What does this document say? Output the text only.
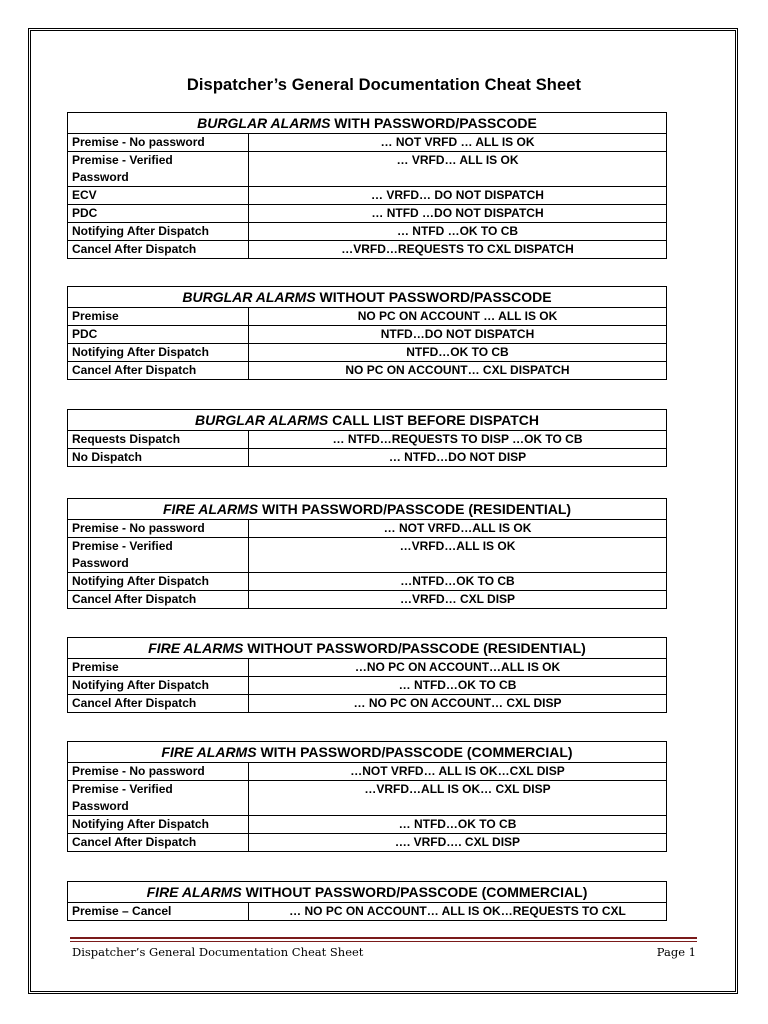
Dispatcher’s General Documentation Cheat Sheet
BURGLAR ALARMS WITH PASSWORD/PASSCODE	
Premise - No password	… NOT VRFD … ALL IS OK
Premise - Verified
Password	… VRFD… ALL IS OK
ECV	… VRFD… DO NOT DISPATCH
PDC	… NTFD …DO NOT DISPATCH
Notifying After Dispatch	… NTFD …OK TO CB
Cancel After Dispatch	…VRFD…REQUESTS TO CXL DISPATCH
BURGLAR ALARMS WITHOUT PASSWORD/PASSCODE	
Premise	NO PC ON ACCOUNT … ALL IS OK
PDC	NTFD…DO NOT DISPATCH
Notifying After Dispatch	NTFD…OK TO CB
Cancel After Dispatch	NO PC ON ACCOUNT… CXL DISPATCH
BURGLAR ALARMS CALL LIST BEFORE DISPATCH	
Requests Dispatch	… NTFD…REQUESTS TO DISP …OK TO CB
No Dispatch	… NTFD…DO NOT DISP
FIRE ALARMS WITH PASSWORD/PASSCODE (RESIDENTIAL)	
Premise - No password	… NOT VRFD…ALL IS OK
Premise - Verified
Password	…VRFD…ALL IS OK
Notifying After Dispatch	…NTFD…OK TO CB
Cancel After Dispatch	…VRFD… CXL DISP
FIRE ALARMS WITHOUT PASSWORD/PASSCODE (RESIDENTIAL)	
Premise	…NO PC ON ACCOUNT…ALL IS OK
Notifying After Dispatch	… NTFD…OK TO CB
Cancel After Dispatch	… NO PC ON ACCOUNT… CXL DISP
FIRE ALARMS WITH PASSWORD/PASSCODE (COMMERCIAL)	
Premise - No password	…NOT VRFD… ALL IS OK…CXL DISP
Premise - Verified
Password	…VRFD…ALL IS OK… CXL DISP
Notifying After Dispatch	… NTFD…OK TO CB
Cancel After Dispatch	…. VRFD…. CXL DISP
FIRE ALARMS WITHOUT PASSWORD/PASSCODE (COMMERCIAL)
Premise – Cancel	… NO PC ON ACCOUNT… ALL IS OK…REQUESTS TO CXL
Dispatcher’s General Documentation Cheat Sheet	Page 1
